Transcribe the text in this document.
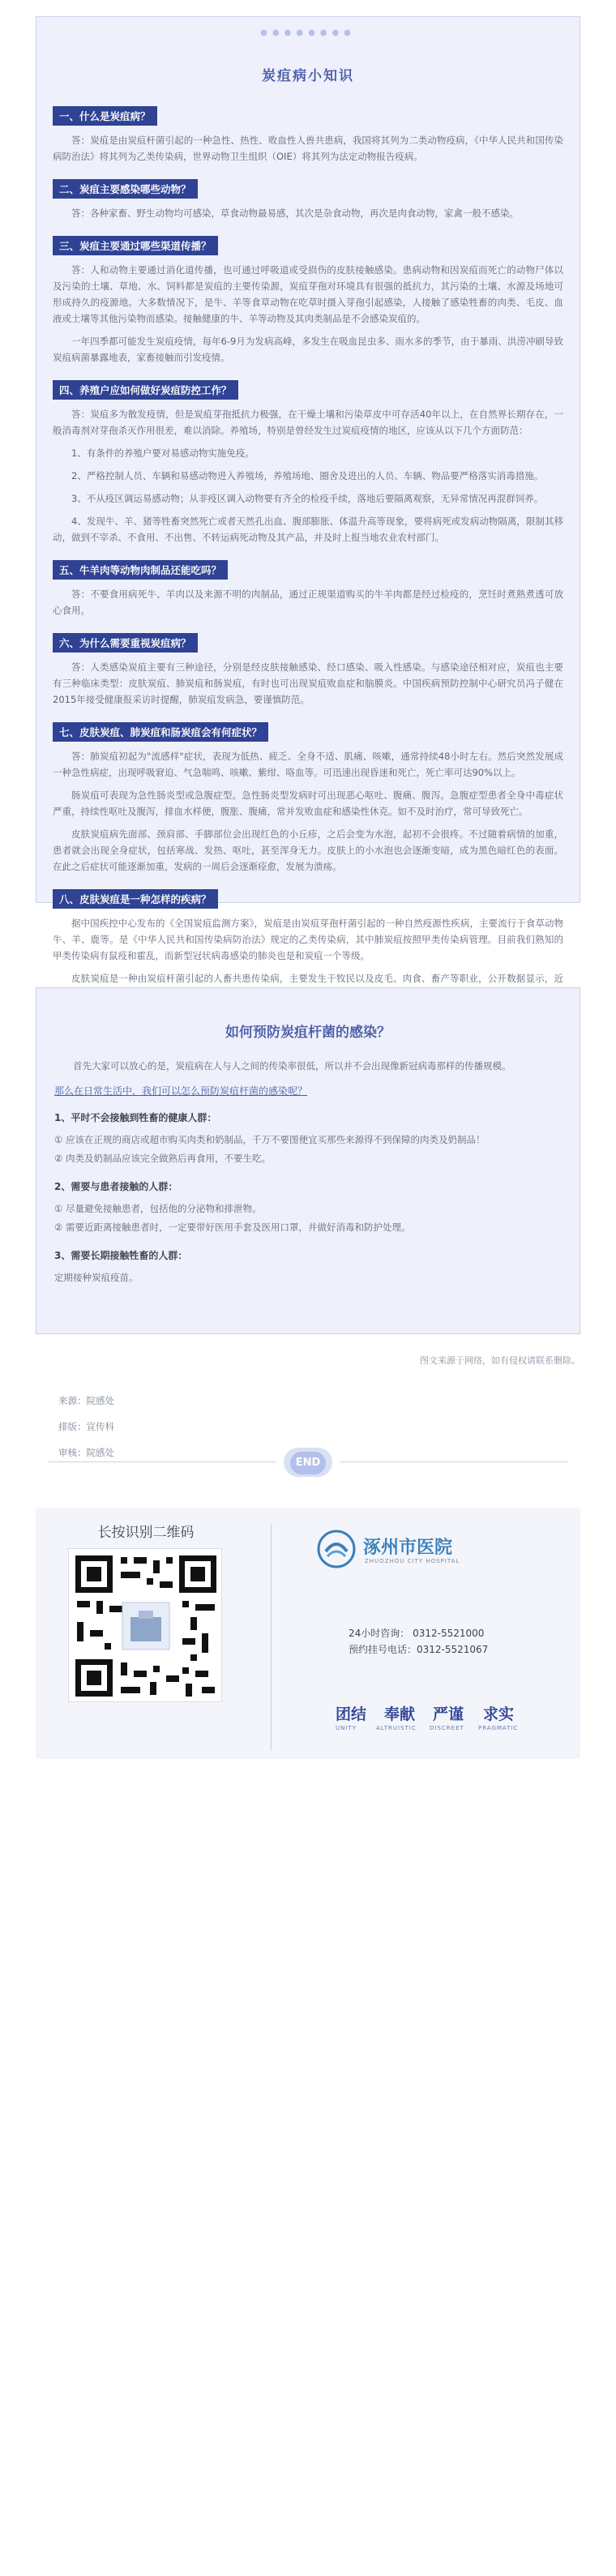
●●●●●●●●
炭疽病小知识
一、什么是炭疽病？
答：炭疽是由炭疽杆菌引起的一种急性、热性、败血性人兽共患病，我国将其列为二类动物疫病，《中华人民共和国传染病防治法》将其列为乙类传染病，世界动物卫生组织（OIE）将其列为法定动物报告疫病。
二、炭疽主要感染哪些动物？
答：各种家畜、野生动物均可感染，草食动物最易感，其次是杂食动物，再次是肉食动物，家禽一般不感染。
三、炭疽主要通过哪些渠道传播？
答：人和动物主要通过消化道传播，也可通过呼吸道或受损伤的皮肤接触感染。患病动物和因炭疽而死亡的动物尸体以及污染的土壤、草地、水、饲料都是炭疽的主要传染源，炭疽芽孢对环境具有很强的抵抗力，其污染的土壤、水源及场地可形成持久的疫源地。大多数情况下，是牛、羊等食草动物在吃草时摄入芽孢引起感染，人接触了感染牲畜的肉类、毛皮、血液或土壤等其他污染物而感染。接触健康的牛、羊等动物及其肉类制品是不会感染炭疽的。
一年四季都可能发生炭疽疫情，每年6-9月为发病高峰，多发生在吸血昆虫多、雨水多的季节，由于暴雨、洪涝冲刷导致炭疽病菌暴露地表，家畜接触而引发疫情。
四、养殖户应如何做好炭疽防控工作？
答：炭疽多为散发疫情，但是炭疽芽孢抵抗力极强，在干燥土壤和污染草皮中可存活40年以上，在自然界长期存在，一般消毒剂对芽孢杀灭作用很差，难以消除。养殖场，特别是曾经发生过炭疽疫情的地区，应该从以下几个方面防范：
1、有条件的养殖户要对易感动物实施免疫。
2、严格控制人员、车辆和易感动物进入养殖场，养殖场地、圈舍及进出的人员、车辆、物品要严格落实消毒措施。
3、不从疫区调运易感动物；从非疫区调入动物要有齐全的检疫手续，落地后要隔离观察，无异常情况再混群饲养。
4、发现牛、羊、猪等牲畜突然死亡或者天然孔出血、腹部膨胀、体温升高等现象，要将病死或发病动物隔离，限制其移动，做到不宰杀、不食用、不出售、不转运病死动物及其产品，并及时上报当地农业农村部门。
五、牛羊肉等动物肉制品还能吃吗？
答：不要食用病死牛、羊肉以及来源不明的肉制品，通过正规渠道购买的牛羊肉都是经过检疫的，烹饪时煮熟煮透可放心食用。
六、为什么需要重视炭疽病？
答：人类感染炭疽主要有三种途径，分别是经皮肤接触感染、经口感染、吸入性感染。与感染途径相对应，炭疽也主要有三种临床类型：皮肤炭疽、肺炭疽和肠炭疽，有时也可出现炭疽败血症和脑膜炎。中国疾病预防控制中心研究员冯子健在2015年接受健康报采访时提醒，肺炭疽发病急，要谨慎防范。
七、皮肤炭疽、肺炭疽和肠炭疽会有何症状？
答：肺炭疽初起为"流感样"症状，表现为低热、疲乏、全身不适、肌痛、咳嗽，通常持续48小时左右。然后突然发展成一种急性病症，出现呼吸窘迫、气急喘鸣、咳嗽、紫绀、咯血等。可迅速出现昏迷和死亡，死亡率可达90%以上。
肠炭疽可表现为急性肠炎型或急腹症型。急性肠炎型发病时可出现恶心呕吐、腹痛、腹泻。急腹症型患者全身中毒症状严重，持续性呕吐及腹泻，排血水样便，腹胀、腹痛，常并发败血症和感染性休克。如不及时治疗，常可导致死亡。
皮肤炭疽病先面部、颈肩部、手脚部位会出现红色的小丘疹，之后会变为水泡，起初不会很疼。不过随着病情的加重，患者就会出现全身症状，包括寒战、发热、呕吐，甚至浑身无力。皮肤上的小水泡也会逐渐变暗，成为黑色暗红色的表面。在此之后症状可能逐渐加重，发病的一周后会逐渐痊愈，发展为溃疡。
八、皮肤炭疽是一种怎样的疾病？
据中国疾控中心发布的《全国炭疽监测方案》，炭疽是由炭疽芽孢杆菌引起的一种自然疫源性疾病，主要流行于食草动物牛、羊、鹿等。是《中华人民共和国传染病防治法》规定的乙类传染病，其中肺炭疽按照甲类传染病管理。目前我们熟知的甲类传染病有鼠疫和霍乱，而新型冠状病毒感染的肺炎也是和炭疽一个等级。
皮肤炭疽是一种由炭疽杆菌引起的人畜共患传染病，主要发生于牧民以及皮毛、肉食、畜产等职业，公开数据显示，近
如何预防炭疽杆菌的感染？
首先大家可以放心的是，炭疽病在人与人之间的传染率很低，所以并不会出现像新冠病毒那样的传播规模。
那么在日常生活中，我们可以怎么预防炭疽杆菌的感染呢？
1、平时不会接触到牲畜的健康人群：
① 应该在正规的商店或超市购买肉类和奶制品，千万不要图便宜买那些来源得不到保障的肉类及奶制品！
② 肉类及奶制品应该完全做熟后再食用，不要生吃。
2、需要与患者接触的人群：
① 尽量避免接触患者，包括他的分泌物和排泄物。
② 需要近距离接触患者时，一定要带好医用手套及医用口罩，并做好消毒和防护处理。
3、需要长期接触牲畜的人群：
定期接种炭疽疫苗。
图文来源于网络，如有侵权请联系删除。
来源：院感处
排版：宣传科
审核：院感处
END
长按识别二维码
涿州市医院
ZHUOZHOU CITY HOSPITAL
24小时咨询： 0312-5521000
预约挂号电话：0312-5521067
团结 奉献 严谨 求实
UNITY	ALTRUISTIC DISCREET PRAGMATIC
